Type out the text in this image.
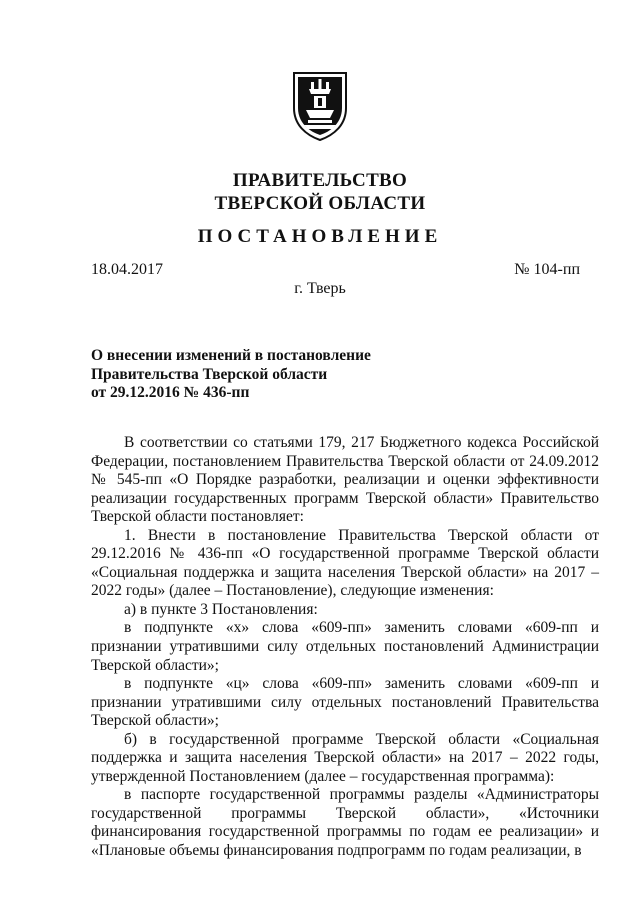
ПРАВИТЕЛЬСТВО
ТВЕРСКОЙ ОБЛАСТИ
ПОСТАНОВЛЕНИЕ
18.04.2017	№ 104-пп
г. Тверь
О внесении изменений в постановление
Правительства Тверской области
от 29.12.2016 № 436-пп

В соответствии со статьями 179, 217 Бюджетного кодекса Российской Федерации, постановлением Правительства Тверской области от 24.09.2012 № 545-пп «О Порядке разработки, реализации и оценки эффективности реализации государственных программ Тверской области» Правительство Тверской области постановляет:

1. Внести в постановление Правительства Тверской области от 29.12.2016 № 436-пп «О государственной программе Тверской области «Социальная поддержка и защита населения Тверской области» на 2017 – 2022 годы» (далее – Постановление), следующие изменения:

а) в пункте 3 Постановления:

в подпункте «х» слова «609-пп» заменить словами «609-пп и признании утратившими силу отдельных постановлений Администрации Тверской области»;

в подпункте «ц» слова «609-пп» заменить словами «609-пп и признании утратившими силу отдельных постановлений Правительства Тверской области»;

б) в государственной программе Тверской области «Социальная поддержка и защита населения Тверской области» на 2017 – 2022 годы, утвержденной Постановлением (далее – государственная программа):

в паспорте государственной программы разделы «Администраторы государственной программы Тверской области», «Источники финансирования государственной программы по годам ее реализации» и «Плановые объемы финансирования подпрограмм по годам реализации, в
